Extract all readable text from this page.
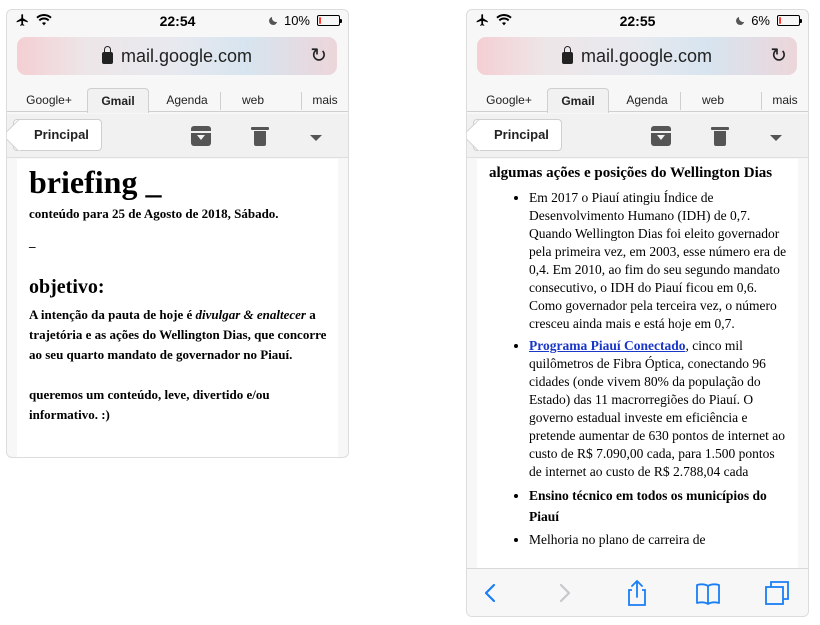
22:54	10%
mail.google.com	↻
Google+	Gmail	Agenda	web	mais
Principal
briefing _
conteúdo para 25 de Agosto de 2018, Sábado.
_
objetivo:

A intenção da pauta de hoje é divulgar & enaltecer a trajetória e as ações do Wellington Dias, que concorre ao seu quarto mandato de governador no Piauí.

queremos um conteúdo, leve, divertido e/ou informativo. :)

22:55	6%
mail.google.com	↻
Google+	Gmail	Agenda	web	mais
Principal
algumas ações e posições do Wellington Dias
• Em 2017 o Piauí atingiu Índice de Desenvolvimento Humano (IDH) de 0,7. Quando Wellington Dias foi eleito governador pela primeira vez, em 2003, esse número era de 0,4. Em 2010, ao fim do seu segundo mandato consecutivo, o IDH do Piauí ficou em 0,6. Como governador pela terceira vez, o número cresceu ainda mais e está hoje em 0,7.
• Programa Piauí Conectado, cinco mil quilômetros de Fibra Óptica, conectando 96 cidades (onde vivem 80% da população do Estado) das 11 macrorregiões do Piauí. O governo estadual investe em eficiência e pretende aumentar de 630 pontos de internet ao custo de R$ 7.090,00 cada, para 1.500 pontos de internet ao custo de R$ 2.788,04 cada
• Ensino técnico em todos os municípios do Piauí
• Melhoria no plano de carreira de
